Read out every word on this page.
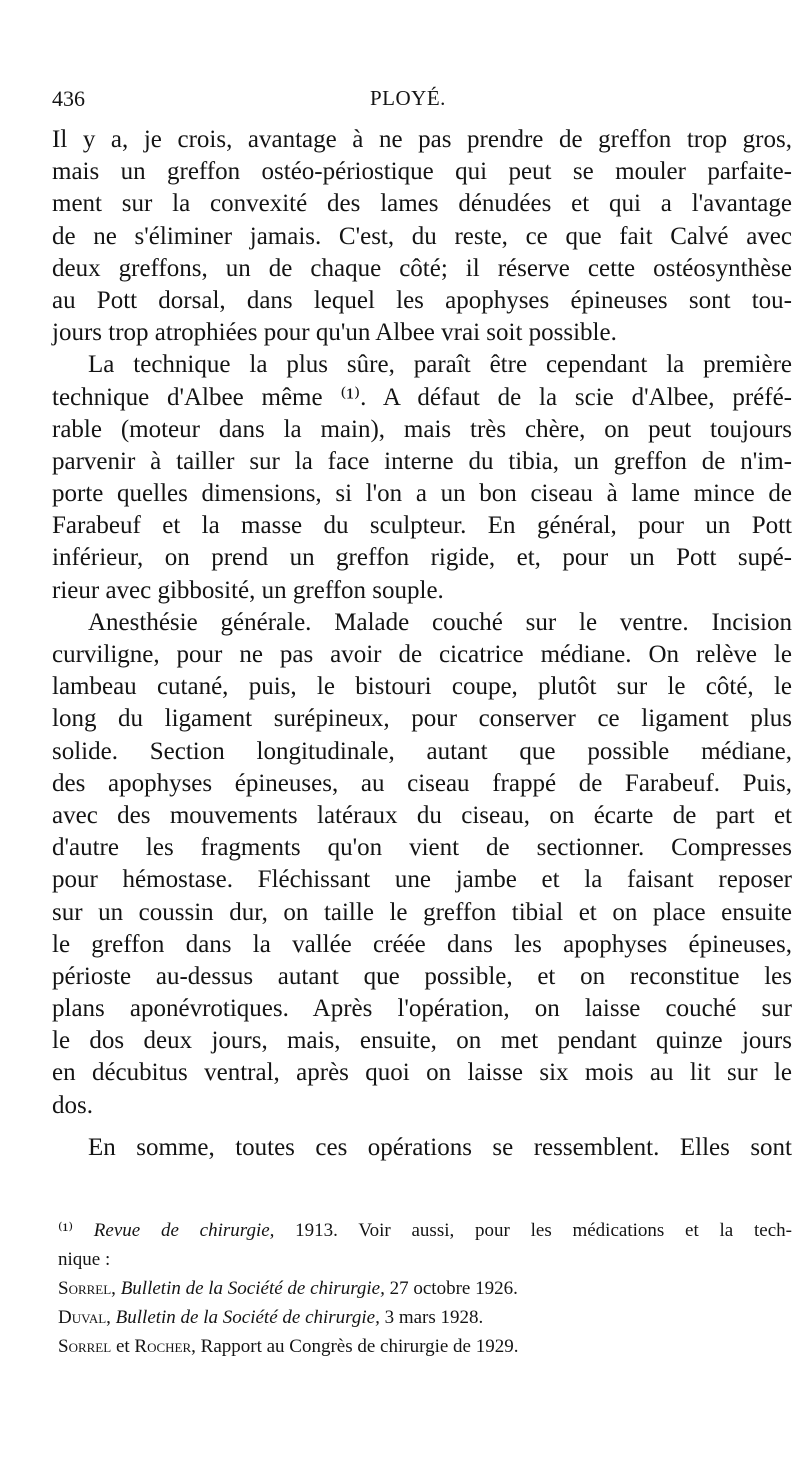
436	PLOYÉ.
Il y a, je crois, avantage à ne pas prendre de greffon trop gros,
mais un greffon ostéo-périostique qui peut se mouler parfaite-
ment sur la convexité des lames dénudées et qui a l'avantage
de ne s'éliminer jamais. C'est, du reste, ce que fait Calvé avec
deux greffons, un de chaque côté; il réserve cette ostéosynthèse
au Pott dorsal, dans lequel les apophyses épineuses sont tou-
jours trop atrophiées pour qu'un Albee vrai soit possible.
La technique la plus sûre, paraît être cependant la première
technique d'Albee même ⁽¹⁾. A défaut de la scie d'Albee, préfé-
rable (moteur dans la main), mais très chère, on peut toujours
parvenir à tailler sur la face interne du tibia, un greffon de n'im-
porte quelles dimensions, si l'on a un bon ciseau à lame mince de
Farabeuf et la masse du sculpteur. En général, pour un Pott
inférieur, on prend un greffon rigide, et, pour un Pott supé-
rieur avec gibbosité, un greffon souple.
Anesthésie générale. Malade couché sur le ventre. Incision
curviligne, pour ne pas avoir de cicatrice médiane. On relève le
lambeau cutané, puis, le bistouri coupe, plutôt sur le côté, le
long du ligament surépineux, pour conserver ce ligament plus
solide. Section longitudinale, autant que possible médiane,
des apophyses épineuses, au ciseau frappé de Farabeuf. Puis,
avec des mouvements latéraux du ciseau, on écarte de part et
d'autre les fragments qu'on vient de sectionner. Compresses
pour hémostase. Fléchissant une jambe et la faisant reposer
sur un coussin dur, on taille le greffon tibial et on place ensuite
le greffon dans la vallée créée dans les apophyses épineuses,
périoste au-dessus autant que possible, et on reconstitue les
plans aponévrotiques. Après l'opération, on laisse couché sur
le dos deux jours, mais, ensuite, on met pendant quinze jours
en décubitus ventral, après quoi on laisse six mois au lit sur le
dos.
En somme, toutes ces opérations se ressemblent. Elles sont
⁽¹⁾ Revue de chirurgie, 1913. Voir aussi, pour les médications et la tech-
nique :
Sorrel, Bulletin de la Société de chirurgie, 27 octobre 1926.
Duval, Bulletin de la Société de chirurgie, 3 mars 1928.
Sorrel et Rocher, Rapport au Congrès de chirurgie de 1929.
